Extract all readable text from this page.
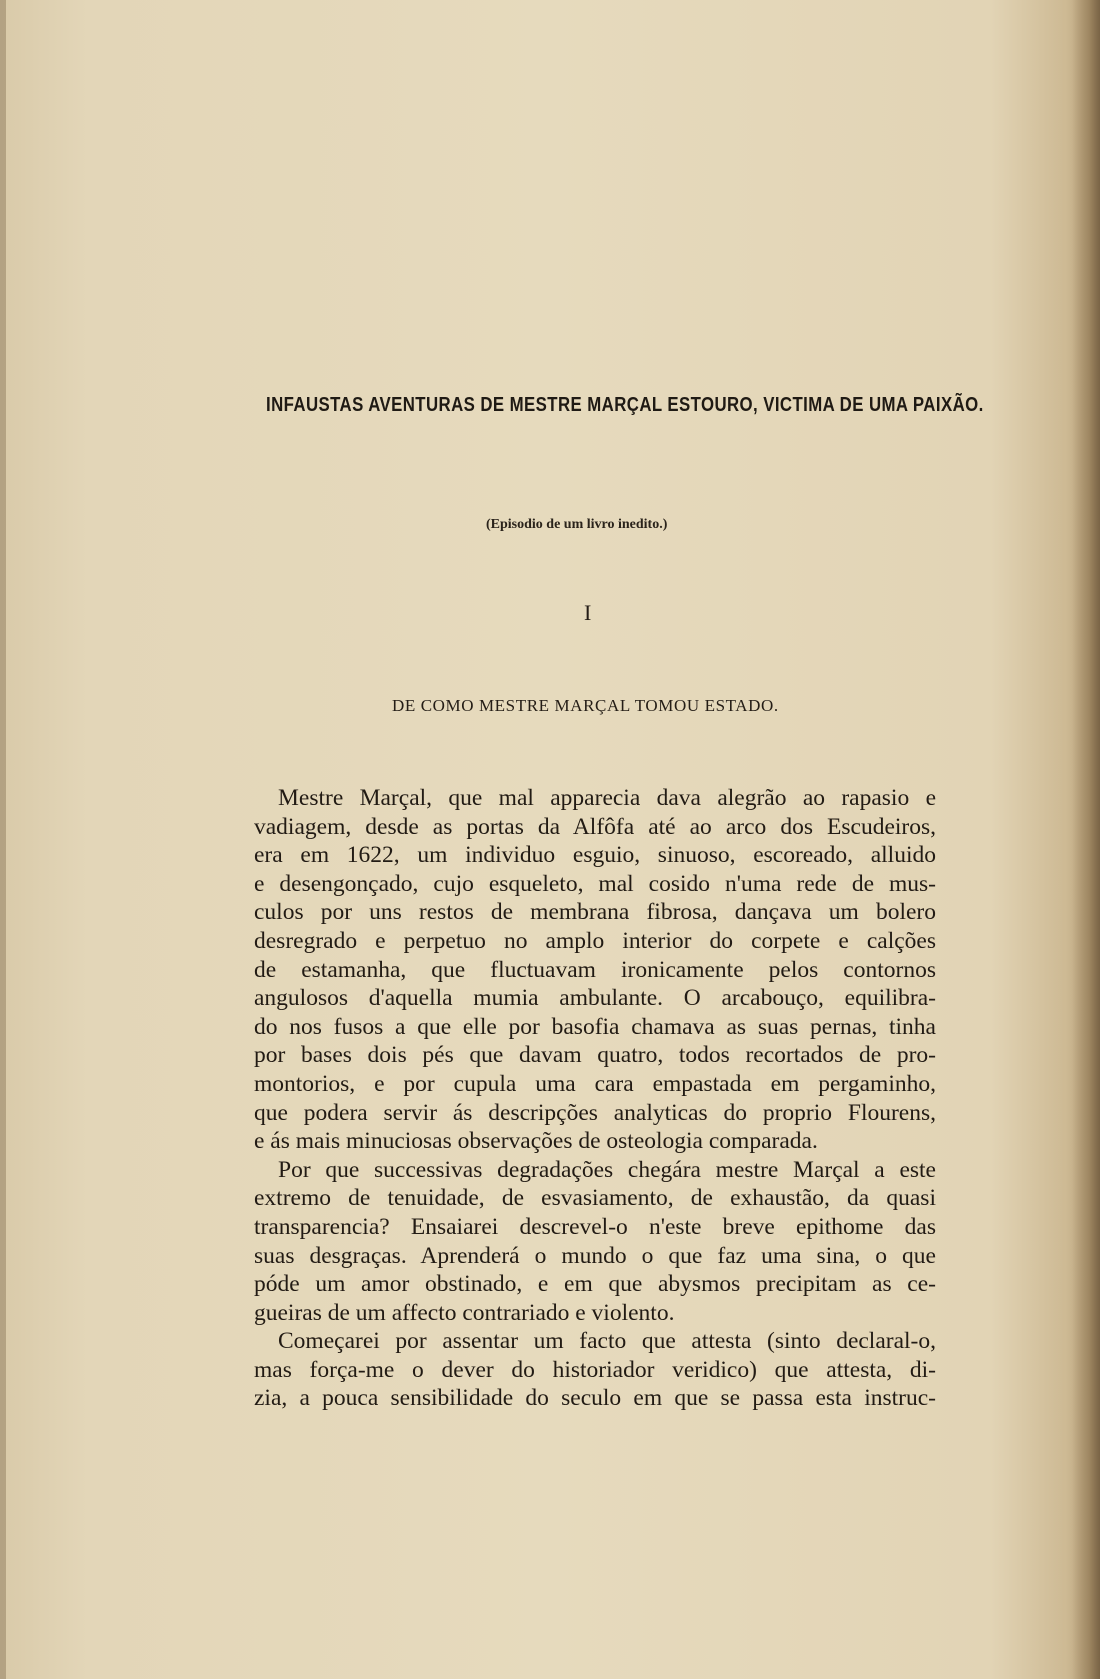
INFAUSTAS AVENTURAS DE MESTRE MARÇAL ESTOURO, VICTIMA DE UMA PAIXÃO.
(Episodio de um livro inedito.)
I
DE COMO MESTRE MARÇAL TOMOU ESTADO.

Mestre Marçal, que mal apparecia dava alegrão ao rapasio e
vadiagem, desde as portas da Alfôfa até ao arco dos Escudeiros,
era em 1622, um individuo esguio, sinuoso, escoreado, alluido
e desengonçado, cujo esqueleto, mal cosido n'uma rede de mus-
culos por uns restos de membrana fibrosa, dançava um bolero
desregrado e perpetuo no amplo interior do corpete e calções
de estamanha, que fluctuavam ironicamente pelos contornos
angulosos d'aquella mumia ambulante. O arcabouço, equilibra-
do nos fusos a que elle por basofia chamava as suas pernas, tinha
por bases dois pés que davam quatro, todos recortados de pro-
montorios, e por cupula uma cara empastada em pergaminho,
que podera servir ás descripções analyticas do proprio Flourens,
e ás mais minuciosas observações de osteologia comparada.

Por que successivas degradações chegára mestre Marçal a este
extremo de tenuidade, de esvasiamento, de exhaustão, da quasi
transparencia? Ensaiarei descrevel-o n'este breve epithome das
suas desgraças. Aprenderá o mundo o que faz uma sina, o que
póde um amor obstinado, e em que abysmos precipitam as ce-
gueiras de um affecto contrariado e violento.

Começarei por assentar um facto que attesta (sinto declaral-o,
mas força-me o dever do historiador veridico) que attesta, di-
zia, a pouca sensibilidade do seculo em que se passa esta instruc-
